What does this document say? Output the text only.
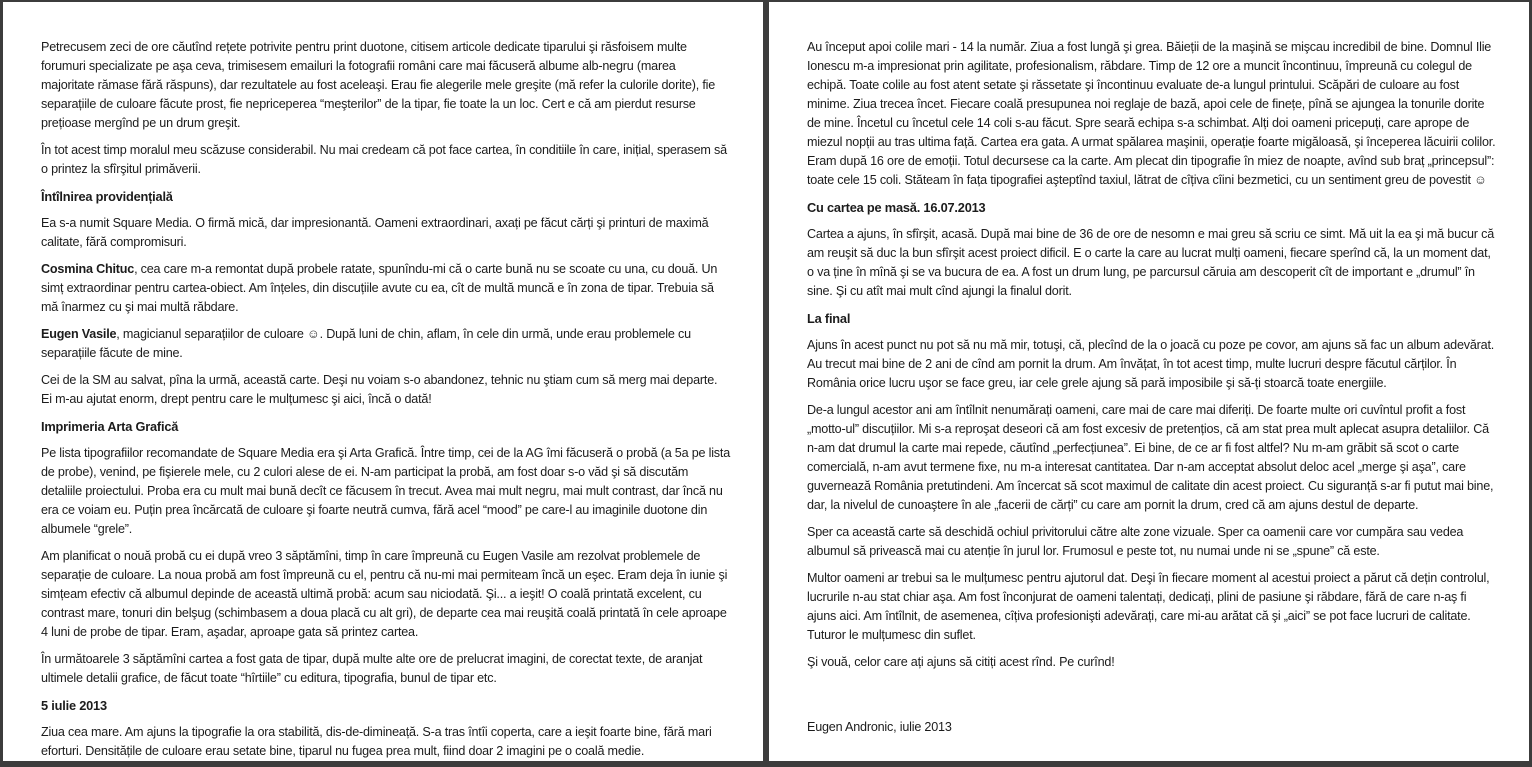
Petrecusem zeci de ore căutînd rețete potrivite pentru print duotone, citisem articole dedicate tiparului şi răsfoisem multe forumuri specializate pe aşa ceva, trimisesem emailuri la fotografii români care mai făcuseră albume alb-negru (marea majoritate rămase fără răspuns), dar rezultatele au fost aceleaşi. Erau fie alegerile mele greşite (mă refer la culorile dorite), fie separațiile de culoare făcute prost, fie nepriceperea “meşterilor” de la tipar, fie toate la un loc. Cert e că am pierdut resurse prețioase mergînd pe un drum greşit.

În tot acest timp moralul meu scăzuse considerabil. Nu mai credeam că pot face cartea, în conditiile în care, inițial, sperasem să o printez la sfîrşitul primăverii.

Întîlnirea providențială

Ea s-a numit Square Media. O firmă mică, dar impresionantă. Oameni extraordinari, axați pe făcut cărți şi printuri de maximă calitate, fără compromisuri.

Cosmina Chituc, cea care m-a remontat după probele ratate, spunîndu-mi că o carte bună nu se scoate cu una, cu două. Un simț extraordinar pentru cartea-obiect. Am înțeles, din discuțiile avute cu ea, cît de multă muncă e în zona de tipar. Trebuia să mă înarmez cu şi mai multă răbdare.

Eugen Vasile, magicianul separațiilor de culoare ☺. După luni de chin, aflam, în cele din urmă, unde erau problemele cu separațiile făcute de mine.

Cei de la SM au salvat, pîna la urmă, această carte. Deşi nu voiam s-o abandonez, tehnic nu ştiam cum să merg mai departe. Ei m-au ajutat enorm, drept pentru care le mulțumesc şi aici, încă o dată!

Imprimeria Arta Grafică

Pe lista tipografiilor recomandate de Square Media era şi Arta Grafică. Între timp, cei de la AG îmi făcuseră o probă (a 5a pe lista de probe), venind, pe fişierele mele, cu 2 culori alese de ei. N-am participat la probă, am fost doar s-o văd şi să discutăm detaliile proiectului. Proba era cu mult mai bună decît ce făcusem în trecut. Avea mai mult negru, mai mult contrast, dar încă nu era ce voiam eu. Puțin prea încărcată de culoare şi foarte neutră cumva, fără acel “mood” pe care-l au imaginile duotone din albumele “grele”.

Am planificat o nouă probă cu ei după vreo 3 săptămîni, timp în care împreună cu Eugen Vasile am rezolvat problemele de separație de culoare. La noua probă am fost împreună cu el, pentru că nu-mi mai permiteam încă un eşec. Eram deja în iunie şi simțeam efectiv că albumul depinde de această ultimă probă: acum sau niciodată. Şi... a ieşit! O coală printată excelent, cu contrast mare, tonuri din belşug (schimbasem a doua placă cu alt gri), de departe cea mai reuşită coală printată în cele aproape 4 luni de probe de tipar. Eram, aşadar, aproape gata să printez cartea.

În următoarele 3 săptămîni cartea a fost gata de tipar, după multe alte ore de prelucrat imagini, de corectat texte, de aranjat ultimele detalii grafice, de făcut toate “hîrtiile” cu editura, tipografia, bunul de tipar etc.

5 iulie 2013

Ziua cea mare. Am ajuns la tipografie la ora stabilită, dis-de-dimineață. S-a tras întîi coperta, care a ieşit foarte bine, fără mari eforturi. Densitățile de culoare erau setate bine, tiparul nu fugea prea mult, fiind doar 2 imagini pe o coală medie.

Au început apoi colile mari - 14 la număr. Ziua a fost lungă şi grea. Băieții de la maşină se mişcau incredibil de bine. Domnul Ilie Ionescu m-a impresionat prin agilitate, profesionalism, răbdare. Timp de 12 ore a muncit încontinuu, împreună cu colegul de echipă. Toate colile au fost atent setate şi răssetate şi încontinuu evaluate de-a lungul printului. Scăpări de culoare au fost minime. Ziua trecea încet. Fiecare coală presupunea noi reglaje de bază, apoi cele de finețe, pînă se ajungea la tonurile dorite de mine. Încetul cu încetul cele 14 coli s-au făcut. Spre seară echipa s-a schimbat. Alți doi oameni pricepuți, care aprope de miezul nopții au tras ultima față. Cartea era gata. A urmat spălarea maşinii, operație foarte migăloasă, şi începerea lăcuirii colilor. Eram după 16 ore de emoții. Totul decursese ca la carte. Am plecat din tipografie în miez de noapte, avînd sub braț „princepsul”: toate cele 15 coli. Stăteam în fața tipografiei aşteptînd taxiul, lătrat de cîțiva cîini bezmetici, cu un sentiment greu de povestit ☺

Cu cartea pe masă. 16.07.2013

Cartea a ajuns, în sfîrşit, acasă. După mai bine de 36 de ore de nesomn e mai greu să scriu ce simt. Mă uit la ea şi mă bucur că am reuşit să duc la bun sfîrşit acest proiect dificil. E o carte la care au lucrat mulți oameni, fiecare sperînd că, la un moment dat, o va ține în mînă şi se va bucura de ea. A fost un drum lung, pe parcursul căruia am descoperit cît de important e „drumul” în sine. Şi cu atît mai mult cînd ajungi la finalul dorit.

La final

Ajuns în acest punct nu pot să nu mă mir, totuşi, că, plecînd de la o joacă cu poze pe covor, am ajuns să fac un album adevărat. Au trecut mai bine de 2 ani de cînd am pornit la drum. Am învățat, în tot acest timp, multe lucruri despre făcutul cărților. În România orice lucru uşor se face greu, iar cele grele ajung să pară imposibile şi să-ți stoarcă toate energiile.

De-a lungul acestor ani am întîlnit nenumărați oameni, care mai de care mai diferiți. De foarte multe ori cuvîntul profit a fost „motto-ul” discuțiilor. Mi s-a reproşat deseori că am fost excesiv de pretențios, că am stat prea mult aplecat asupra detaliilor. Că n-am dat drumul la carte mai repede, căutînd „perfecțiunea”. Ei bine, de ce ar fi fost altfel? Nu m-am grăbit să scot o carte comercială, n-am avut termene fixe, nu m-a interesat cantitatea. Dar n-am acceptat absolut deloc acel „merge şi aşa”, care guvernează România pretutindeni. Am încercat să scot maximul de calitate din acest proiect. Cu siguranță s-ar fi putut mai bine, dar, la nivelul de cunoaştere în ale „facerii de cărți” cu care am pornit la drum, cred că am ajuns destul de departe.

Sper ca această carte să deschidă ochiul privitorului către alte zone vizuale. Sper ca oamenii care vor cumpăra sau vedea albumul să privească mai cu atenție în jurul lor. Frumosul e peste tot, nu numai unde ni se „spune” că este.

Multor oameni ar trebui sa le mulțumesc pentru ajutorul dat. Deşi în fiecare moment al acestui proiect a părut că dețin controlul, lucrurile n-au stat chiar aşa. Am fost înconjurat de oameni talentați, dedicați, plini de pasiune şi răbdare, fără de care n-aş fi ajuns aici. Am întîlnit, de asemenea, cîțiva profesionişti adevărați, care mi-au arătat că şi „aici” se pot face lucruri de calitate. Tuturor le mulțumesc din suflet.

Şi vouă, celor care ați ajuns să citiți acest rînd. Pe curînd!

Eugen Andronic, iulie 2013
